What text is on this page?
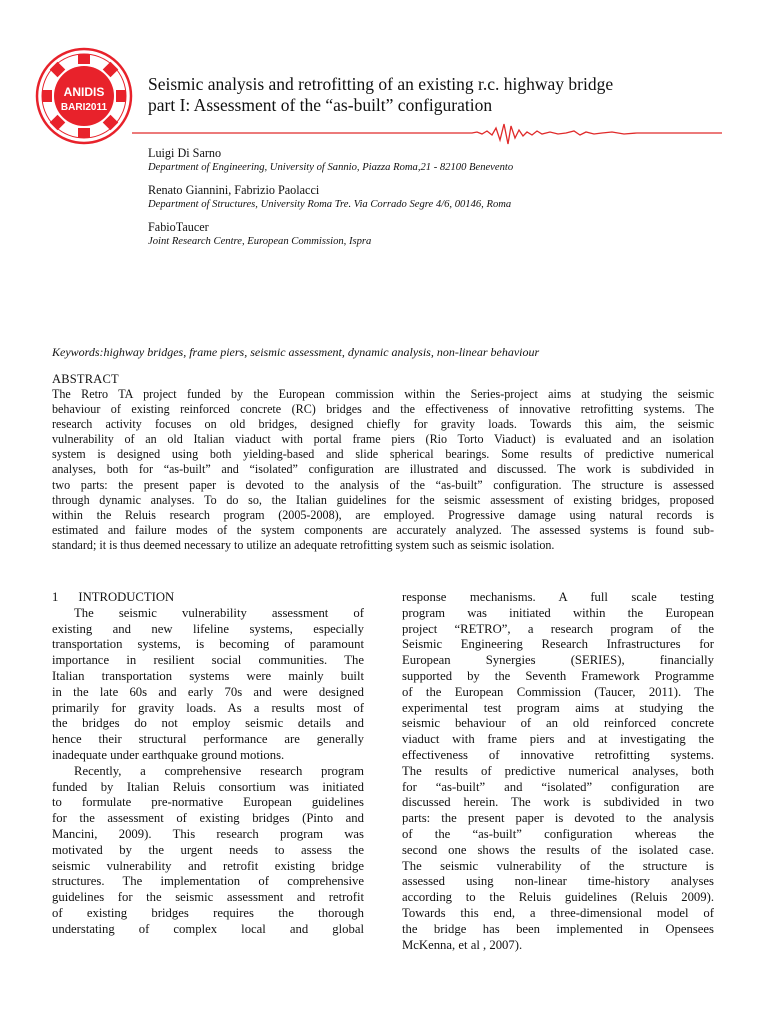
ANIDIS
BARI2011
Seismic analysis and retrofitting of an existing r.c. highway bridge
part I: Assessment of the “as-built” configuration
Luigi Di Sarno
Department of Engineering, University of Sannio, Piazza Roma,21 - 82100 Benevento
Renato Giannini, Fabrizio Paolacci
Department of Structures, University Roma Tre. Via Corrado Segre 4/6, 00146, Roma
FabioTaucer
Joint Research Centre, European Commission, Ispra
Keywords:highway bridges, frame piers, seismic assessment, dynamic analysis, non-linear behaviour
ABSTRACT
The Retro TA project funded by the European commission within the Series-project aims at studying the seismic
behaviour of existing reinforced concrete (RC) bridges and the effectiveness of innovative retrofitting systems. The
research activity focuses on old bridges, designed chiefly for gravity loads. Towards this aim, the seismic
vulnerability of an old Italian viaduct with portal frame piers (Rio Torto Viaduct) is evaluated and an isolation
system is designed using both yielding-based and slide spherical bearings. Some results of predictive numerical
analyses, both for “as-built” and “isolated” configuration are illustrated and discussed. The work is subdivided in
two parts: the present paper is devoted to the analysis of the “as-built” configuration. The structure is assessed
through dynamic analyses. To do so, the Italian guidelines for the seismic assessment of existing bridges, proposed
within the Reluis research program (2005-2008), are employed. Progressive damage using natural records is
estimated and failure modes of the system components are accurately analyzed. The assessed systems is found sub-
standard; it is thus deemed necessary to utilize an adequate retrofitting system such as seismic isolation.
1 INTRODUCTION
The seismic vulnerability assessment of
existing and new lifeline systems, especially
transportation systems, is becoming of paramount
importance in resilient social communities. The
Italian transportation systems were mainly built
in the late 60s and early 70s and were designed
primarily for gravity loads. As a results most of
the bridges do not employ seismic details and
hence their structural performance are generally
inadequate under earthquake ground motions.
Recently, a comprehensive research program
funded by Italian Reluis consortium was initiated
to formulate pre-normative European guidelines
for the assessment of existing bridges (Pinto and
Mancini, 2009). This research program was
motivated by the urgent needs to assess the
seismic vulnerability and retrofit existing bridge
structures. The implementation of comprehensive
guidelines for the seismic assessment and retrofit
of existing bridges requires the thorough
understating of complex local and global
response mechanisms. A full scale testing
program was initiated within the European
project “RETRO”, a research program of the
Seismic Engineering Research Infrastructures for
European Synergies (SERIES), financially
supported by the Seventh Framework Programme
of the European Commission (Taucer, 2011). The
experimental test program aims at studying the
seismic behaviour of an old reinforced concrete
viaduct with frame piers and at investigating the
effectiveness of innovative retrofitting systems.
The results of predictive numerical analyses, both
for “as-built” and “isolated” configuration are
discussed herein. The work is subdivided in two
parts: the present paper is devoted to the analysis
of the “as-built” configuration whereas the
second one shows the results of the isolated case.
The seismic vulnerability of the structure is
assessed using non-linear time-history analyses
according to the Reluis guidelines (Reluis 2009).
Towards this end, a three-dimensional model of
the bridge has been implemented in Opensees
McKenna, et al , 2007).
